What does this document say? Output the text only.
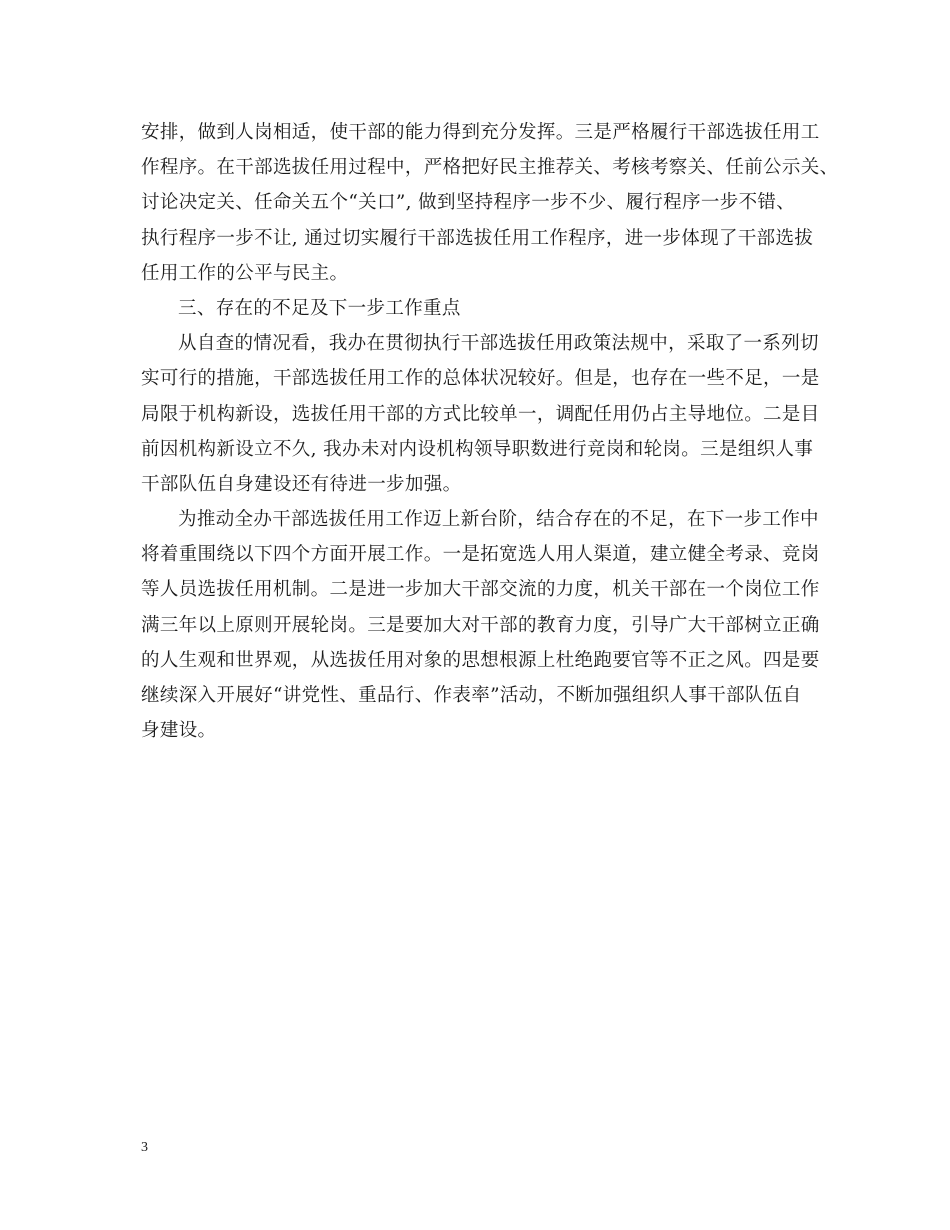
安排，做到人岗相适，使干部的能力得到充分发挥。三是严格履行干部选拔任用工
作程序。在干部选拔任用过程中，严格把好民主推荐关、考核考察关、任前公示关、
讨论决定关、任命关五个“关口”, 做到坚持程序一步不少、履行程序一步不错、
执行程序一步不让, 通过切实履行干部选拔任用工作程序，进一步体现了干部选拔
任用工作的公平与民主。
三、存在的不足及下一步工作重点
从自查的情况看，我办在贯彻执行干部选拔任用政策法规中，采取了一系列切
实可行的措施，干部选拔任用工作的总体状况较好。但是，也存在一些不足，一是
局限于机构新设，选拔任用干部的方式比较单一，调配任用仍占主导地位。二是目
前因机构新设立不久, 我办未对内设机构领导职数进行竞岗和轮岗。三是组织人事
干部队伍自身建设还有待进一步加强。
为推动全办干部选拔任用工作迈上新台阶，结合存在的不足，在下一步工作中
将着重围绕以下四个方面开展工作。一是拓宽选人用人渠道，建立健全考录、竞岗
等人员选拔任用机制。二是进一步加大干部交流的力度，机关干部在一个岗位工作
满三年以上原则开展轮岗。三是要加大对干部的教育力度，引导广大干部树立正确
的人生观和世界观，从选拔任用对象的思想根源上杜绝跑要官等不正之风。四是要
继续深入开展好“讲党性、重品行、作表率”活动，不断加强组织人事干部队伍自
身建设。
3
